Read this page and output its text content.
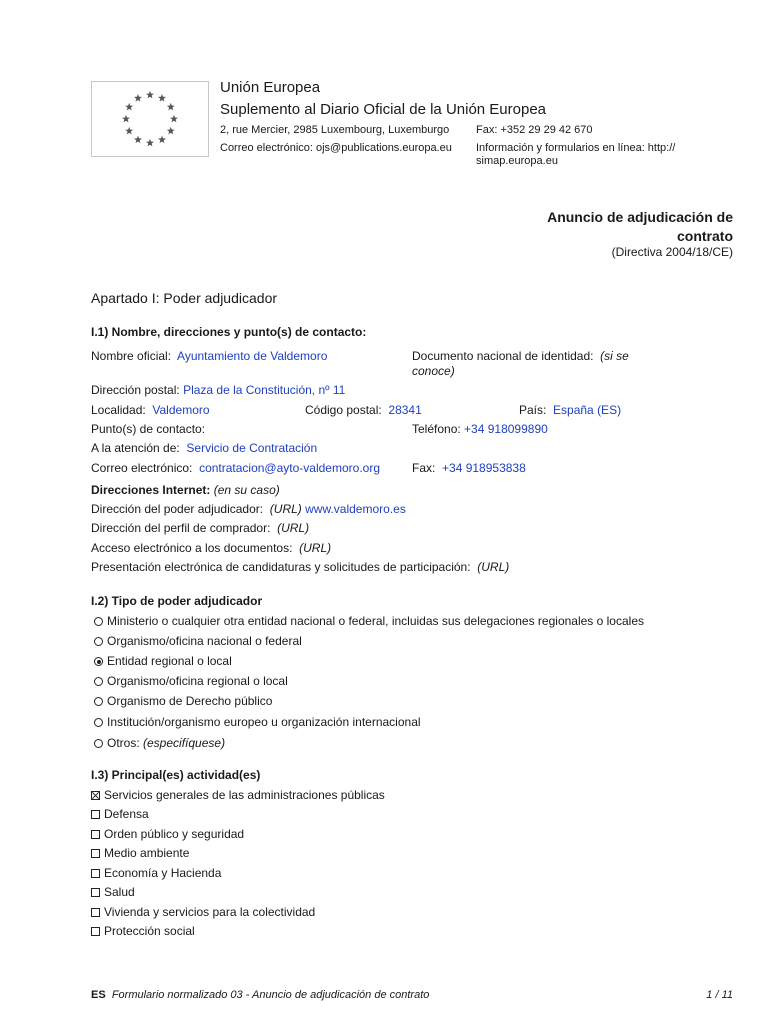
Unión Europea
Suplemento al Diario Oficial de la Unión Europea
2, rue Mercier, 2985 Luxembourg, Luxemburgo Fax: +352 29 29 42 670
Correo electrónico: ojs@publications.europa.eu Información y formularios en línea: http://
simap.europa.eu
Anuncio de adjudicación de
contrato
(Directiva 2004/18/CE)
Apartado I: Poder adjudicador
I.1) Nombre, direcciones y punto(s) de contacto:
Nombre oficial: Ayuntamiento de Valdemoro	Documento nacional de identidad: (si se
conoce)
Dirección postal: Plaza de la Constitución, nº 11
Localidad: Valdemoro	Código postal: 28341	País: España (ES)
Punto(s) de contacto:	Teléfono: +34 918099890
A la atención de: Servicio de Contratación
Correo electrónico: contratacion@ayto-valdemoro.org	Fax: +34 918953838
Direcciones Internet: (en su caso)
Dirección del poder adjudicador: (URL) www.valdemoro.es
Dirección del perfil de comprador: (URL)
Acceso electrónico a los documentos: (URL)
Presentación electrónica de candidaturas y solicitudes de participación: (URL)
I.2) Tipo de poder adjudicador
Ministerio o cualquier otra entidad nacional o federal, incluidas sus delegaciones regionales o locales
Organismo/oficina nacional o federal
Entidad regional o local
Organismo/oficina regional o local
Organismo de Derecho público
Institución/organismo europeo u organización internacional
Otros: (especifíquese)
I.3) Principal(es) actividad(es)
Servicios generales de las administraciones públicas
Defensa
Orden público y seguridad
Medio ambiente
Economía y Hacienda
Salud
Vivienda y servicios para la colectividad
Protección social
ES Formulario normalizado 03 - Anuncio de adjudicación de contrato	1 / 11
